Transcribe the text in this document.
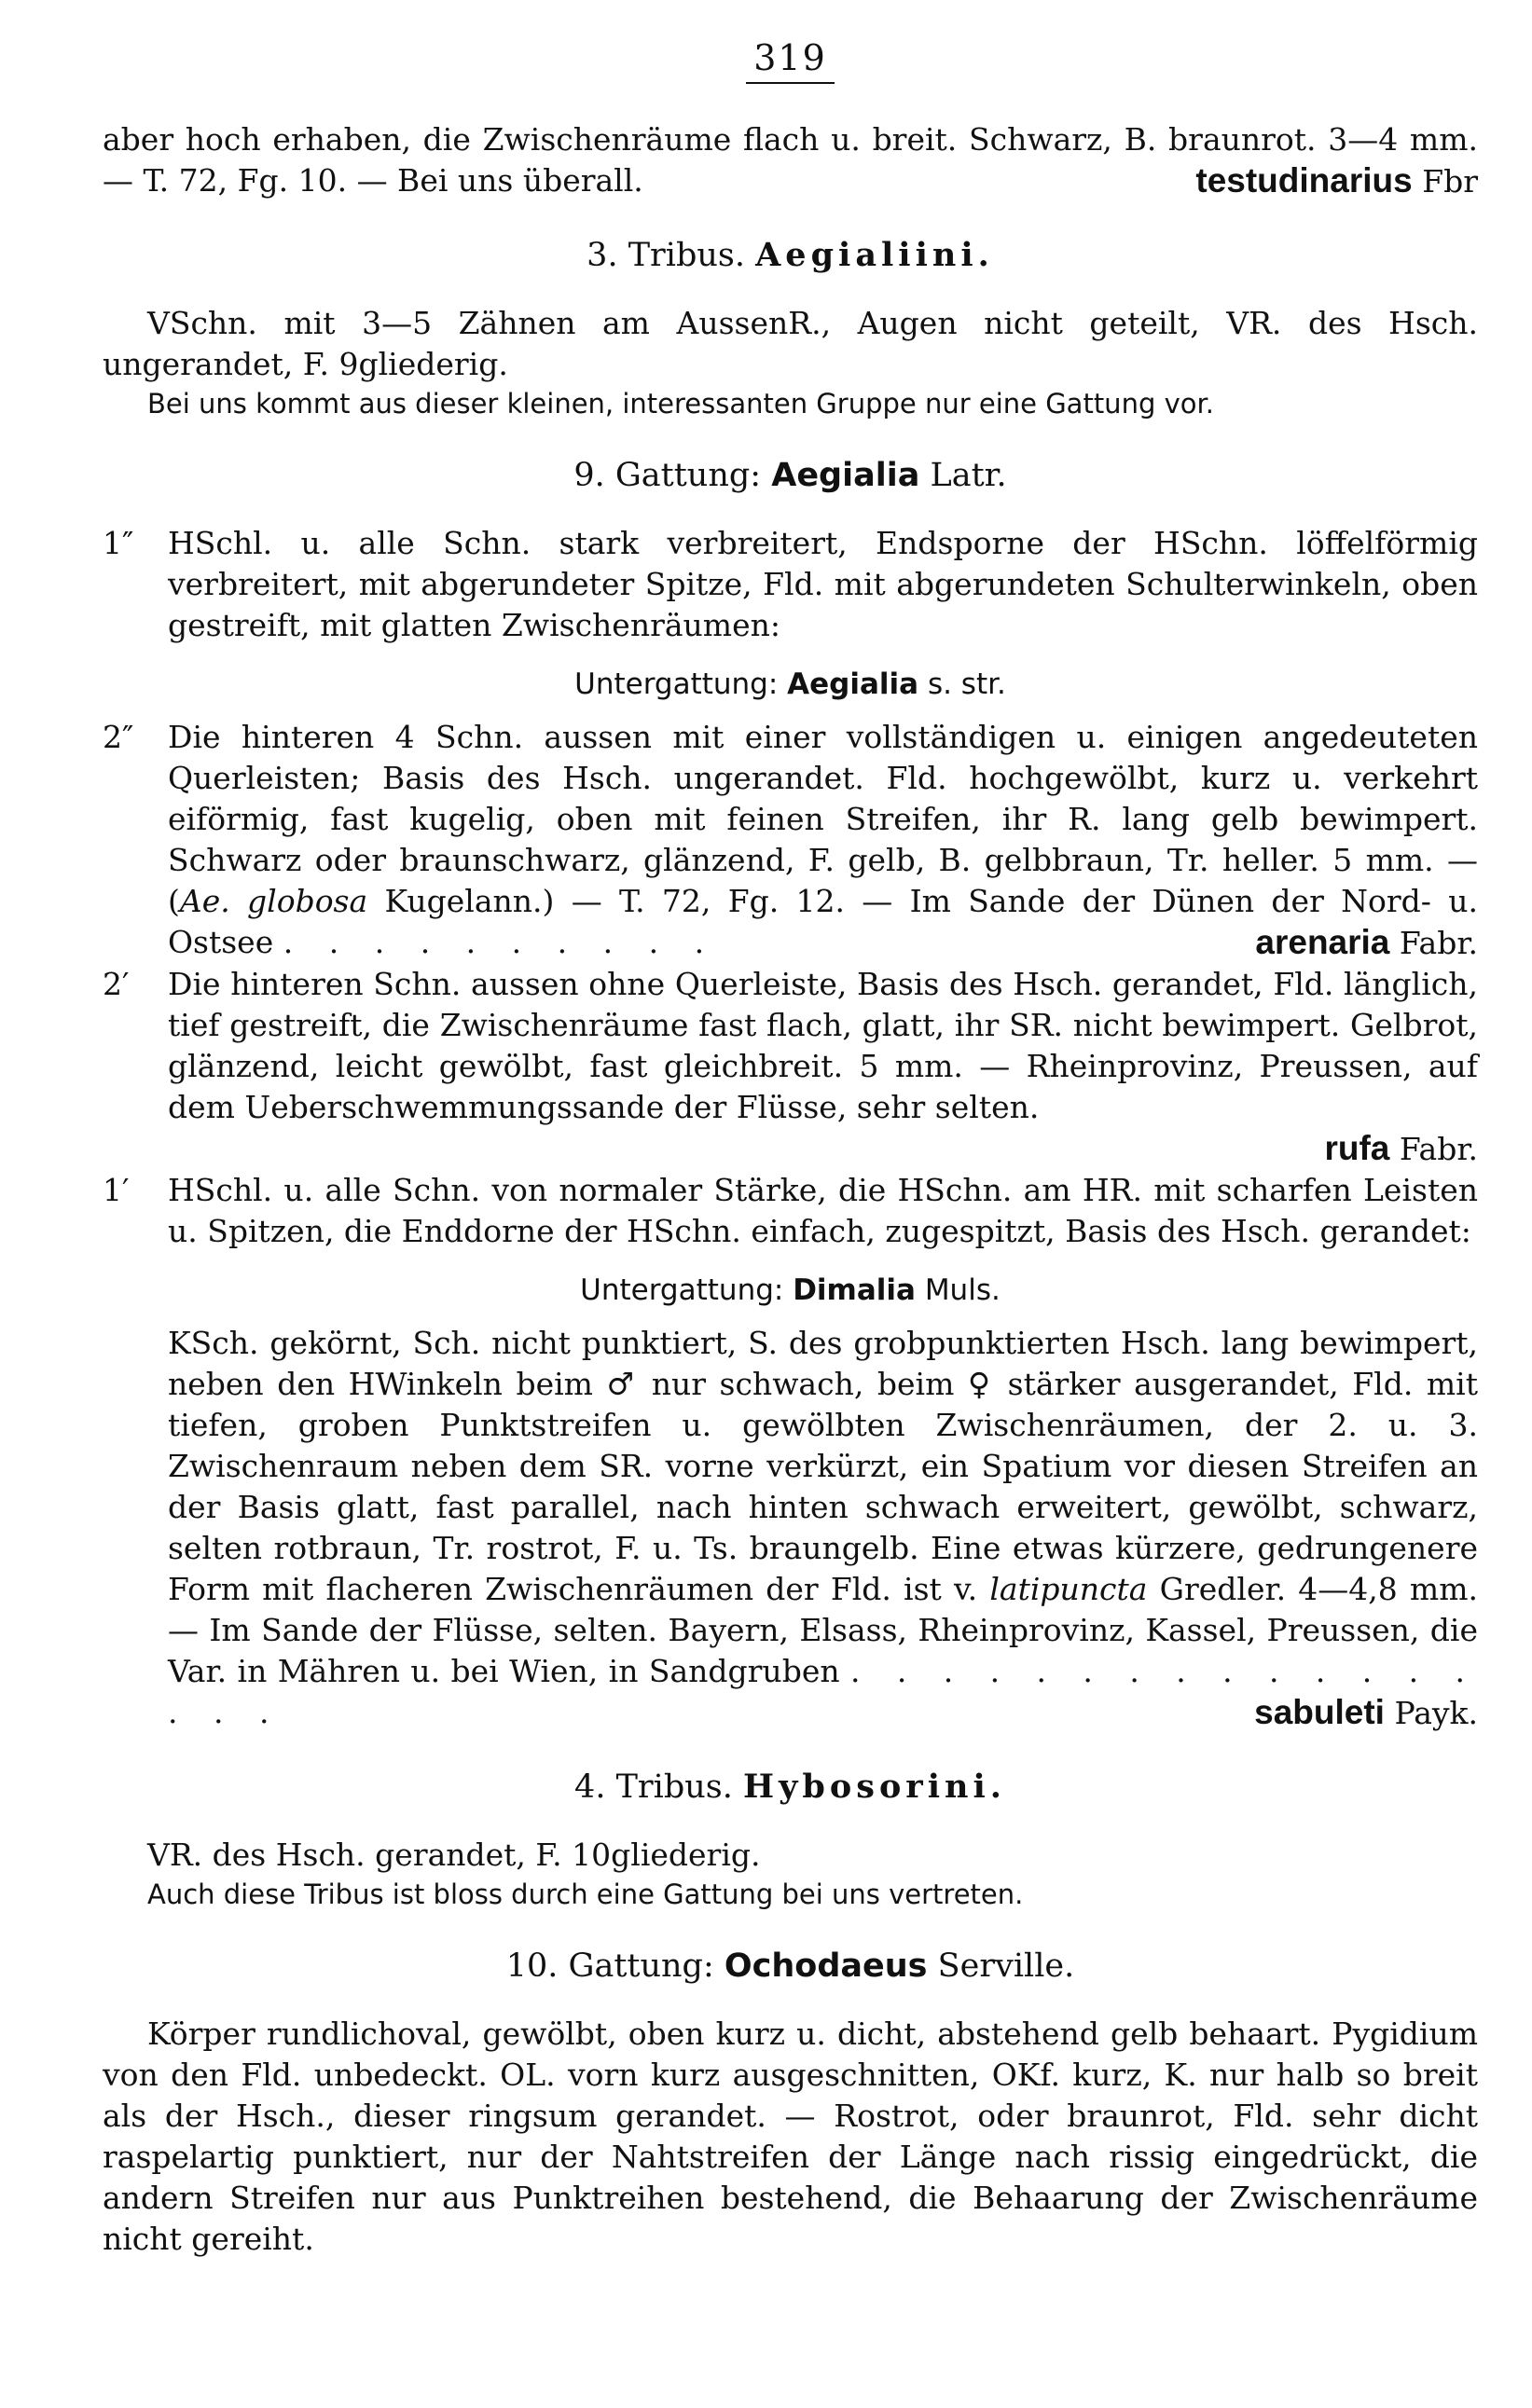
319

aber hoch erhaben, die Zwischenräume flach u. breit. Schwarz, B. braunrot. 3—4 mm. — T. 72, Fg. 10. — Bei uns überall.	testudinarius Fbr

3. Tribus. Aegialiini.

VSchn. mit 3—5 Zähnen am AussenR., Augen nicht geteilt, VR. des Hsch. ungerandet, F. 9gliederig.

Bei uns kommt aus dieser kleinen, interessanten Gruppe nur eine Gattung vor.

9. Gattung: Aegialia Latr.
1″	HSchl. u. alle Schn. stark verbreitert, Endsporne der HSchn. löffelförmig verbreitert, mit abgerundeter Spitze, Fld. mit abgerundeten Schulterwinkeln, oben gestreift, mit glatten Zwischenräumen:

Untergattung: Aegialia s. str.
2″	Die hinteren 4 Schn. aussen mit einer vollständigen u. einigen angedeuteten Querleisten; Basis des Hsch. ungerandet. Fld. hochgewölbt, kurz u. verkehrt eiförmig, fast kugelig, oben mit feinen Streifen, ihr R. lang gelb bewimpert. Schwarz oder braunschwarz, glänzend, F. gelb, B. gelbbraun, Tr. heller. 5 mm. — (Ae. globosa Kugelann.) — T. 72, Fg. 12. — Im Sande der Dünen der Nord- u. Ostsee . . . . . . . . . .	arenaria Fabr.

2′	Die hinteren Schn. aussen ohne Querleiste, Basis des Hsch. gerandet, Fld. länglich, tief gestreift, die Zwischenräume fast flach, glatt, ihr SR. nicht bewimpert. Gelbrot, glänzend, leicht gewölbt, fast gleichbreit. 5 mm. — Rheinprovinz, Preussen, auf dem Ueberschwemmungssande der Flüsse, sehr selten.

rufa Fabr.

1′	HSchl. u. alle Schn. von normaler Stärke, die HSchn. am HR. mit scharfen Leisten u. Spitzen, die Enddorne der HSchn. einfach, zugespitzt, Basis des Hsch. gerandet:

Untergattung: Dimalia Muls.

KSch. gekörnt, Sch. nicht punktiert, S. des grobpunktierten Hsch. lang bewimpert, neben den HWinkeln beim ♂ nur schwach, beim ♀ stärker ausgerandet, Fld. mit tiefen, groben Punktstreifen u. gewölbten Zwischenräumen, der 2. u. 3. Zwischenraum neben dem SR. vorne verkürzt, ein Spatium vor diesen Streifen an der Basis glatt, fast parallel, nach hinten schwach erweitert, gewölbt, schwarz, selten rotbraun, Tr. rostrot, F. u. Ts. braungelb. Eine etwas kürzere, gedrungenere Form mit flacheren Zwischenräumen der Fld. ist v. latipuncta Gredler. 4—4,8 mm. — Im Sande der Flüsse, selten. Bayern, Elsass, Rheinprovinz, Kassel, Preussen, die Var. in Mähren u. bei Wien, in Sandgruben . . . . . . . . . . . . . . . . .	sabuleti Payk.

4. Tribus. Hybosorini.

VR. des Hsch. gerandet, F. 10gliederig.

Auch diese Tribus ist bloss durch eine Gattung bei uns vertreten.

10. Gattung: Ochodaeus Serville.

Körper rundlichoval, gewölbt, oben kurz u. dicht, abstehend gelb behaart. Pygidium von den Fld. unbedeckt. OL. vorn kurz ausgeschnitten, OKf. kurz, K. nur halb so breit als der Hsch., dieser ringsum gerandet. — Rostrot, oder braunrot, Fld. sehr dicht raspelartig punktiert, nur der Nahtstreifen der Länge nach rissig eingedrückt, die andern Streifen nur aus Punktreihen bestehend, die Behaarung der Zwischenräume nicht gereiht.
